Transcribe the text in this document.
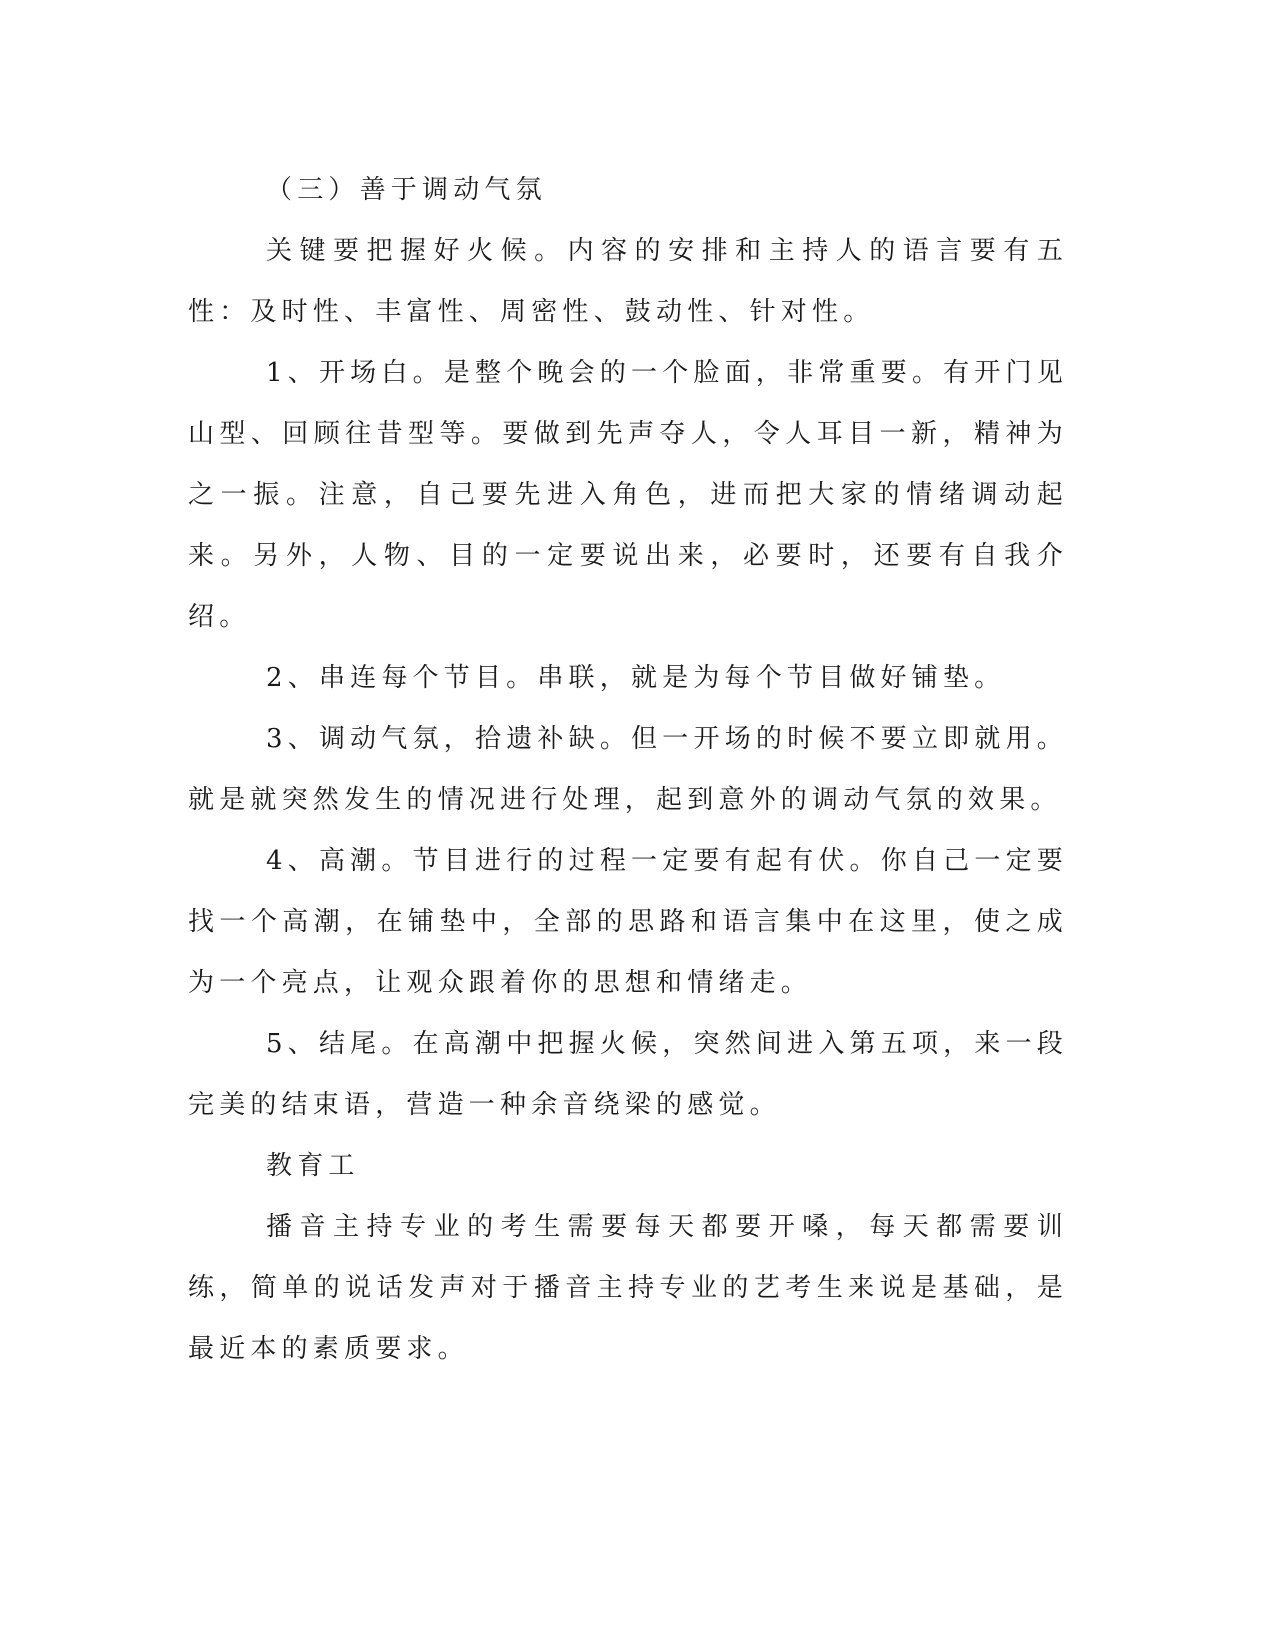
（三）善于调动气氛

关键要把握好火候。内容的安排和主持人的语言要有五性：及时性、丰富性、周密性、鼓动性、针对性。

1、开场白。是整个晚会的一个脸面，非常重要。有开门见山型、回顾往昔型等。要做到先声夺人，令人耳目一新，精神为之一振。注意，自己要先进入角色，进而把大家的情绪调动起来。另外，人物、目的一定要说出来，必要时，还要有自我介绍。

2、串连每个节目。串联，就是为每个节目做好铺垫。

3、调动气氛，拾遗补缺。但一开场的时候不要立即就用。就是就突然发生的情况进行处理，起到意外的调动气氛的效果。

4、高潮。节目进行的过程一定要有起有伏。你自己一定要找一个高潮，在铺垫中，全部的思路和语言集中在这里，使之成为一个亮点，让观众跟着你的思想和情绪走。

5、结尾。在高潮中把握火候，突然间进入第五项，来一段完美的结束语，营造一种余音绕梁的感觉。

教育工

播音主持专业的考生需要每天都要开嗓，每天都需要训练，简单的说话发声对于播音主持专业的艺考生来说是基础，是最近本的素质要求。
